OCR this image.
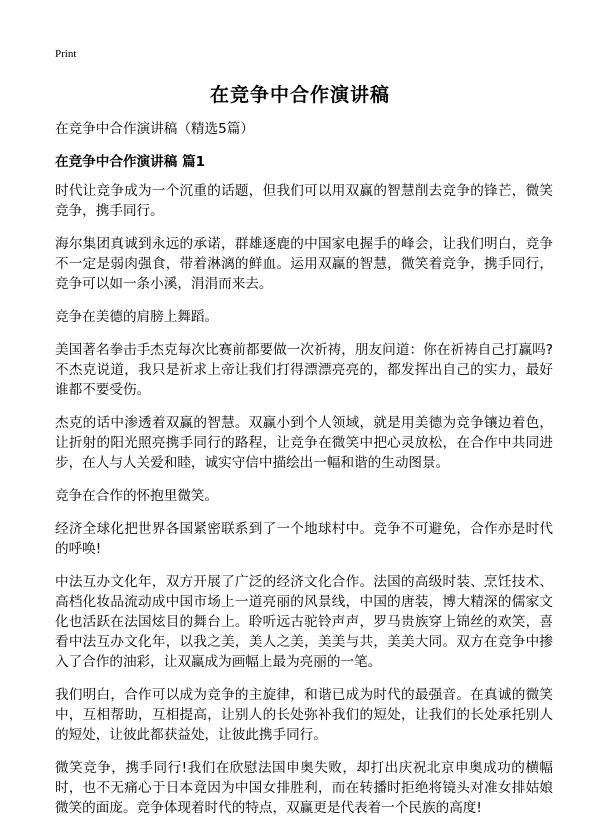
Print
在竞争中合作演讲稿

在竞争中合作演讲稿（精选5篇）

在竞争中合作演讲稿 篇1

时代让竞争成为一个沉重的话题，但我们可以用双赢的智慧削去竞争的锋芒，微笑竞争，携手同行。

海尔集团真诚到永远的承诺，群雄逐鹿的中国家电握手的峰会，让我们明白，竞争不一定是弱肉强食，带着淋漓的鲜血。运用双赢的智慧，微笑着竞争，携手同行，竞争可以如一条小溪，涓涓而来去。

竞争在美德的肩膀上舞蹈。

美国著名拳击手杰克每次比赛前都要做一次祈祷，朋友问道：你在祈祷自己打赢吗?不杰克说道，我只是祈求上帝让我们打得漂漂亮亮的，都发挥出自己的实力，最好谁都不要受伤。

杰克的话中渗透着双赢的智慧。双赢小到个人领域，就是用美德为竞争镶边着色，让折射的阳光照亮携手同行的路程，让竞争在微笑中把心灵放松，在合作中共同进步，在人与人关爱和睦，诚实守信中描绘出一幅和谐的生动图景。

竞争在合作的怀抱里微笑。

经济全球化把世界各国紧密联系到了一个地球村中。竞争不可避免，合作亦是时代的呼唤!

中法互办文化年，双方开展了广泛的经济文化合作。法国的高级时装、烹饪技术、高档化妆品流动成中国市场上一道亮丽的风景线，中国的唐装，博大精深的儒家文化也活跃在法国炫目的舞台上。聆听远古驼铃声声，罗马贵族穿上锦丝的欢笑，喜看中法互办文化年，以我之美，美人之美，美美与共，美美大同。双方在竞争中掺入了合作的油彩，让双赢成为画幅上最为亮丽的一笔。

我们明白，合作可以成为竞争的主旋律，和谐已成为时代的最强音。在真诚的微笑中，互相帮助，互相提高，让别人的长处弥补我们的短处，让我们的长处承托别人的短处，让彼此都获益处，让彼此携手同行。

微笑竞争，携手同行!我们在欣慰法国申奥失败，却打出庆祝北京申奥成功的横幅时，也不无痛心于日本竟因为中国女排胜利，而在转播时拒绝将镜头对准女排姑娘微笑的面庞。竞争体现着时代的特点，双赢更是代表着一个民族的高度!
